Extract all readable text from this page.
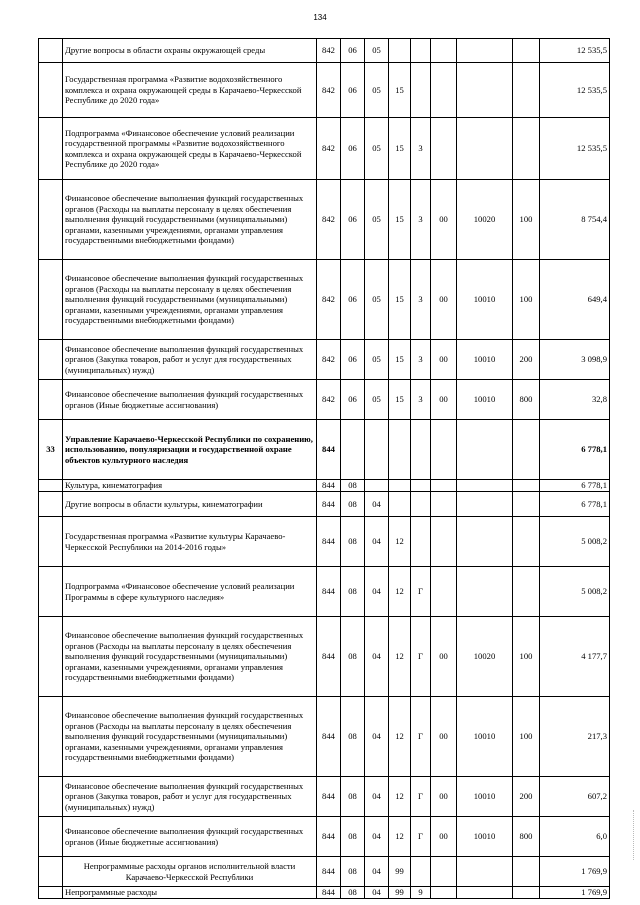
134
	Другие вопросы в области охраны окружающей среды	842	06	05						12 535,5
	Государственная программа «Развитие водохозяйственного комплекса и охрана окружающей среды в Карачаево-Черкесской Республике до 2020 года»	842	06	05	15					12 535,5
	Подпрограмма «Финансовое обеспечение условий реализации государственной программы «Развитие водохозяйственного комплекса и охрана окружающей среды в Карачаево-Черкесской Республике до 2020 года»	842	06	05	15	3				12 535,5
	Финансовое обеспечение выполнения функций государственных органов (Расходы на выплаты персоналу в целях обеспечения выполнения функций государственными (муниципальными) органами, казенными учреждениями, органами управления государственными внебюджетными фондами)	842	06	05	15	3	00	10020	100	8 754,4
	Финансовое обеспечение выполнения функций государственных органов (Расходы на выплаты персоналу в целях обеспечения выполнения функций государственными (муниципальными) органами, казенными учреждениями, органами управления государственными внебюджетными фондами)	842	06	05	15	3	00	10010	100	649,4
	Финансовое обеспечение выполнения функций государственных органов (Закупка товаров, работ и услуг для государственных (муниципальных) нужд)	842	06	05	15	3	00	10010	200	3 098,9
	Финансовое обеспечение выполнения функций государственных органов (Иные бюджетные ассигнования)	842	06	05	15	3	00	10010	800	32,8
33	Управление Карачаево-Черкесской Республики по сохранению, использованию, популяризации и государственной охране объектов культурного наследия	844								6 778,1
	Культура, кинематография	844	08							6 778,1
	Другие вопросы в области культуры, кинематографии	844	08	04						6 778,1
	Государственная программа «Развитие культуры Карачаево-Черкесской Республики на 2014-2016 годы»	844	08	04	12					5 008,2
	Подпрограмма «Финансовое обеспечение условий реализации Программы в сфере культурного наследия»	844	08	04	12	Г				5 008,2
	Финансовое обеспечение выполнения функций государственных органов (Расходы на выплаты персоналу в целях обеспечения выполнения функций государственными (муниципальными) органами, казенными учреждениями, органами управления государственными внебюджетными фондами)	844	08	04	12	Г	00	10020	100	4 177,7
	Финансовое обеспечение выполнения функций государственных органов (Расходы на выплаты персоналу в целях обеспечения выполнения функций государственными (муниципальными) органами, казенными учреждениями, органами управления государственными внебюджетными фондами)	844	08	04	12	Г	00	10010	100	217,3
	Финансовое обеспечение выполнения функций государственных органов (Закупка товаров, работ и услуг для государственных (муниципальных) нужд)	844	08	04	12	Г	00	10010	200	607,2
	Финансовое обеспечение выполнения функций государственных органов (Иные бюджетные ассигнования)	844	08	04	12	Г	00	10010	800	6,0
	Непрограммные расходы органов исполнительной власти Карачаево-Черкесской Республики	844	08	04	99					1 769,9
	Непрограммные расходы	844	08	04	99	9				1 769,9
